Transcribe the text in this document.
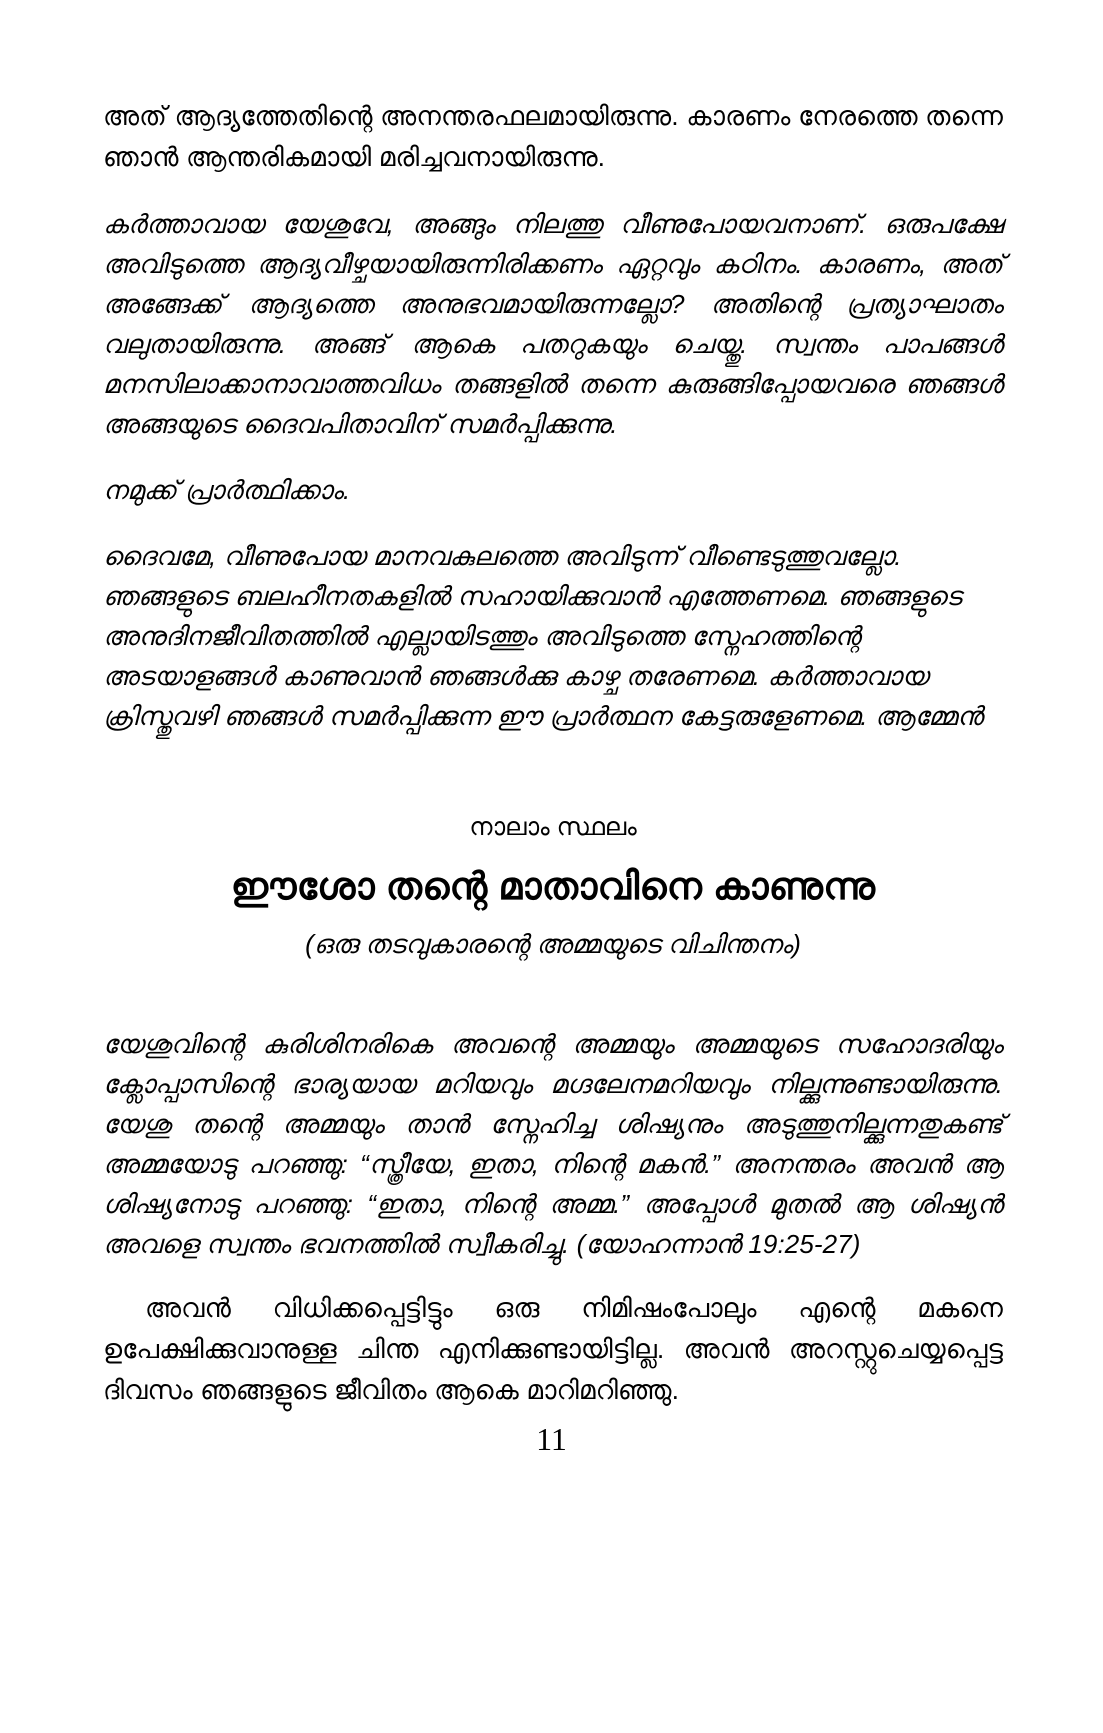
അത് ആദ്യത്തേതിന്റെ അനന്തരഫലമായിരുന്നു. കാരണം നേരത്തെ തന്നെ ഞാൻ ആന്തരികമായി മരിച്ചവനായിരുന്നു.

കർത്താവായ യേശുവേ, അങ്ങും നിലത്തു വീണുപോയവനാണ്. ഒരുപക്ഷേ അവിടുത്തെ ആദ്യവീഴ്ചയായിരുന്നിരിക്കണം ഏറ്റവും കഠിനം. കാരണം, അത് അങ്ങേക്ക് ആദ്യത്തെ അനുഭവമായിരുന്നല്ലോ? അതിന്റെ പ്രത്യാഘാതം വലുതായിരുന്നു. അങ്ങ് ആകെ പതറുകയും ചെയ്തു. സ്വന്തം പാപങ്ങൾ മനസിലാക്കാനാവാത്തവിധം തങ്ങളിൽ തന്നെ കുരുങ്ങിപ്പോയവരെ ഞങ്ങൾ അങ്ങയുടെ ദൈവപിതാവിന് സമർപ്പിക്കുന്നു.

നമുക്ക് പ്രാർത്ഥിക്കാം.

ദൈവമേ, വീണുപോയ മാനവകുലത്തെ അവിടുന്ന് വീണ്ടെടുത്തുവല്ലോ. ഞങ്ങളുടെ ബലഹീനതകളിൽ സഹായിക്കുവാൻ എത്തേണമെ. ഞങ്ങളുടെ അനുദിനജീവിതത്തിൽ എല്ലായിടത്തും അവിടുത്തെ സ്നേഹത്തിന്റെ അടയാളങ്ങൾ കാണുവാൻ ഞങ്ങൾക്കു കാഴ്ച തരേണമെ. കർത്താവായ ക്രിസ്തുവഴി ഞങ്ങൾ സമർപ്പിക്കുന്ന ഈ പ്രാർത്ഥന കേട്ടരുളേണമെ. ആമ്മേൻ

നാലാം സ്ഥലം
ഈശോ തന്റെ മാതാവിനെ കാണുന്നു
(ഒരു തടവുകാരന്റെ അമ്മയുടെ വിചിന്തനം)

യേശുവിന്റെ കുരിശിനരികെ അവന്റെ അമ്മയും അമ്മയുടെ സഹോദരിയും ക്ലോപ്പാസിന്റെ ഭാര്യയായ മറിയവും മഗ്ദലേനമറിയവും നില്ക്കുന്നുണ്ടായിരുന്നു. യേശു തന്റെ അമ്മയും താൻ സ്നേഹിച്ച ശിഷ്യനും അടുത്തുനില്ക്കുന്നതുകണ്ട് അമ്മയോടു പറഞ്ഞു: “സ്ത്രീയേ, ഇതാ, നിന്റെ മകൻ.” അനന്തരം അവൻ ആ ശിഷ്യനോടു പറഞ്ഞു: “ഇതാ, നിന്റെ അമ്മ.” അപ്പോൾ മുതൽ ആ ശിഷ്യൻ അവളെ സ്വന്തം ഭവനത്തിൽ സ്വീകരിച്ചു. (യോഹന്നാൻ 19:25-27)

അവൻ വിധിക്കപ്പെട്ടിട്ടും ഒരു നിമിഷംപോലും എന്റെ മകനെ ഉപേക്ഷിക്കുവാനുള്ള ചിന്ത എനിക്കുണ്ടായിട്ടില്ല. അവൻ അറസ്റ്റുചെയ്യപ്പെട്ട ദിവസം ഞങ്ങളുടെ ജീവിതം ആകെ മാറിമറിഞ്ഞു.

11
